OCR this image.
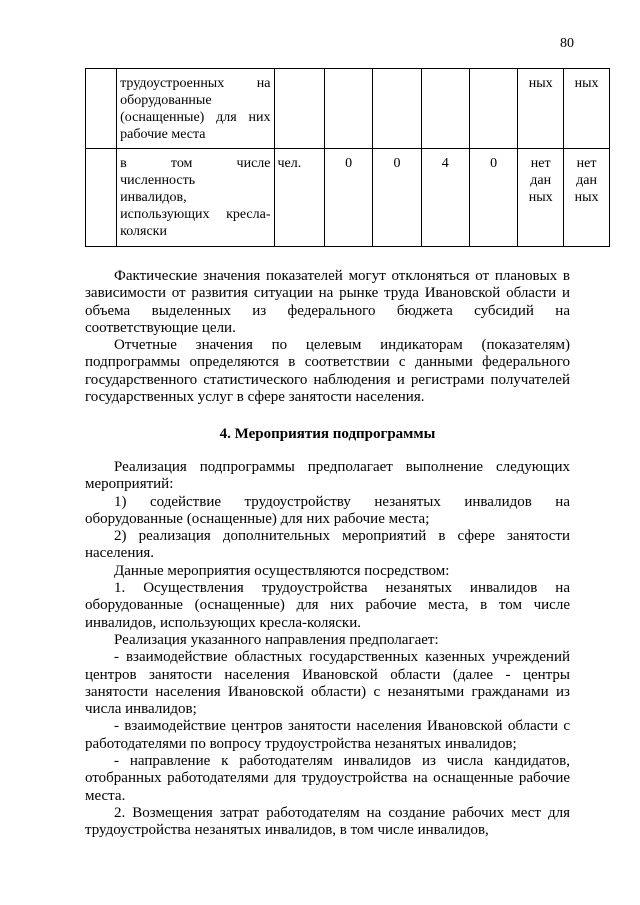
80

	трудоустроенных на
оборудованные
(оснащенные) для них
рабочие места						ных	ных

	в том числе
численность
инвалидов,
использующих кресла-
коляски	чел.	0	0	4	0	нет
дан
ных	нет
дан
ных

Фактические значения показателей могут отклоняться от плановых в зависимости от развития ситуации на рынке труда Ивановской области и объема выделенных из федерального бюджета субсидий на соответствующие цели.

Отчетные значения по целевым индикаторам (показателям) подпрограммы определяются в соответствии с данными федерального государственного статистического наблюдения и регистрами получателей государственных услуг в сфере занятости населения.

4. Мероприятия подпрограммы

Реализация подпрограммы предполагает выполнение следующих мероприятий:

1) содействие трудоустройству незанятых инвалидов на оборудованные (оснащенные) для них рабочие места;

2) реализация дополнительных мероприятий в сфере занятости населения.

Данные мероприятия осуществляются посредством:

1. Осуществления трудоустройства незанятых инвалидов на оборудованные (оснащенные) для них рабочие места, в том числе инвалидов, использующих кресла-коляски.

Реализация указанного направления предполагает:

- взаимодействие областных государственных казенных учреждений центров занятости населения Ивановской области (далее - центры занятости населения Ивановской области) с незанятыми гражданами из числа инвалидов;

- взаимодействие центров занятости населения Ивановской области с работодателями по вопросу трудоустройства незанятых инвалидов;

- направление к работодателям инвалидов из числа кандидатов, отобранных работодателями для трудоустройства на оснащенные рабочие места.

2. Возмещения затрат работодателям на создание рабочих мест для трудоустройства незанятых инвалидов, в том числе инвалидов,
